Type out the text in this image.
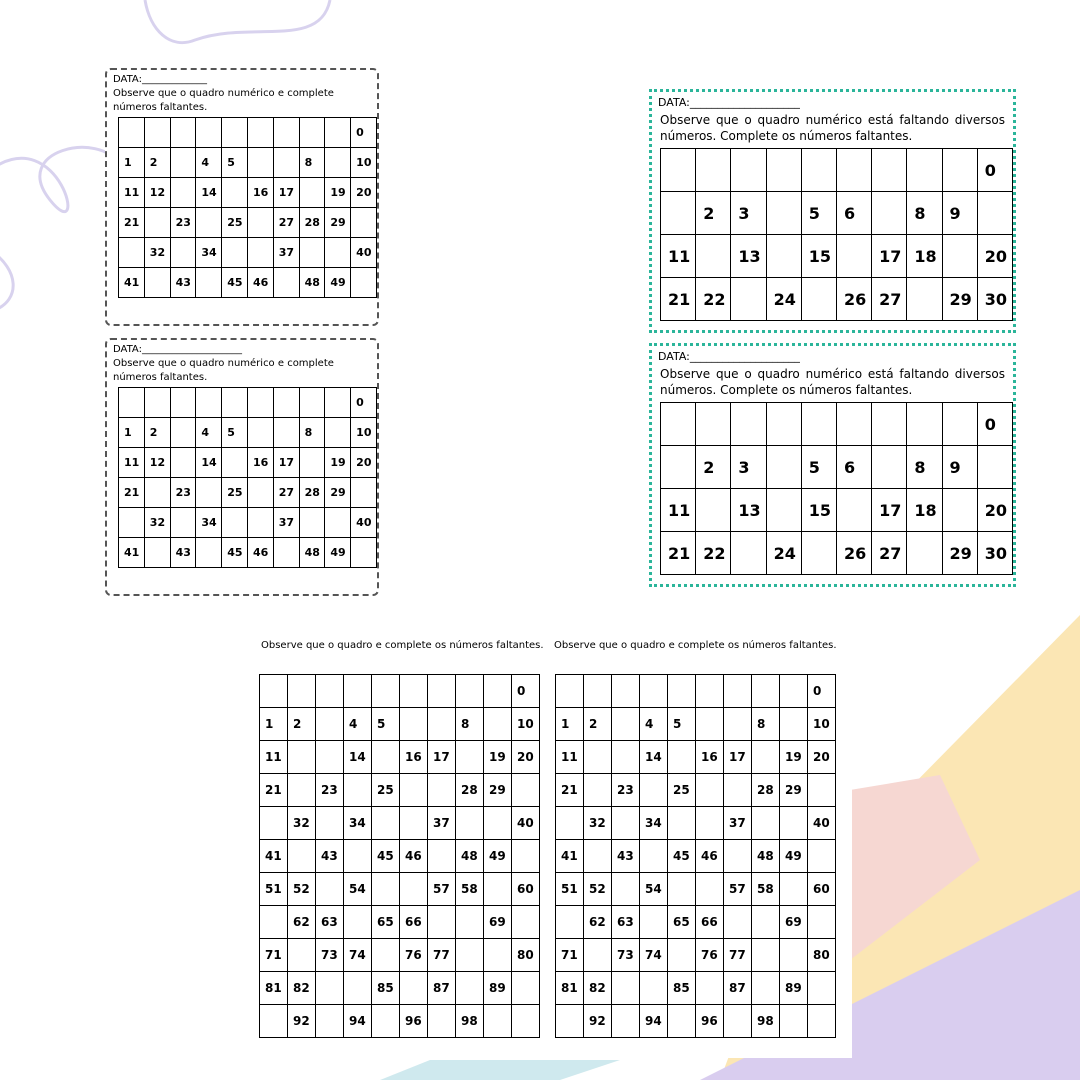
DATA:_____________
Observe que o quadro numérico e complete números faltantes.
									0
1	2		4	5			8		10
11	12		14		16	17		19	20
21		23		25		27	28	29	
	32		34			37			40
41		43		45	46		48	49	
DATA:____________________
Observe que o quadro numérico e complete números faltantes.
									0
1	2		4	5			8		10
11	12		14		16	17		19	20
21		23		25		27	28	29	
	32		34			37			40
41		43		45	46		48	49	
DATA:____________________
Observe que o quadro numérico está faltando diversos números. Complete os números faltantes.
									0
	2	3		5	6		8	9	
11		13		15		17	18		20
21	22		24		26	27		29	30
DATA:____________________
Observe que o quadro numérico está faltando diversos números. Complete os números faltantes.
									0
	2	3		5	6		8	9	
11		13		15		17	18		20
21	22		24		26	27		29	30
Observe que o quadro e complete os números faltantes. Observe que o quadro e complete os números faltantes.
									0
1	2		4	5			8		10
11			14		16	17		19	20
21		23		25			28	29	
	32		34			37			40
41		43		45	46		48	49	
51	52		54			57	58		60
	62	63		65	66			69	
71		73	74		76	77			80
81	82			85		87		89	
	92		94		96		98		
									0
1	2		4	5			8		10
11			14		16	17		19	20
21		23		25			28	29	
	32		34			37			40
41		43		45	46		48	49	
51	52		54			57	58		60
	62	63		65	66			69	
71		73	74		76	77			80
81	82			85		87		89	
	92		94		96		98		
